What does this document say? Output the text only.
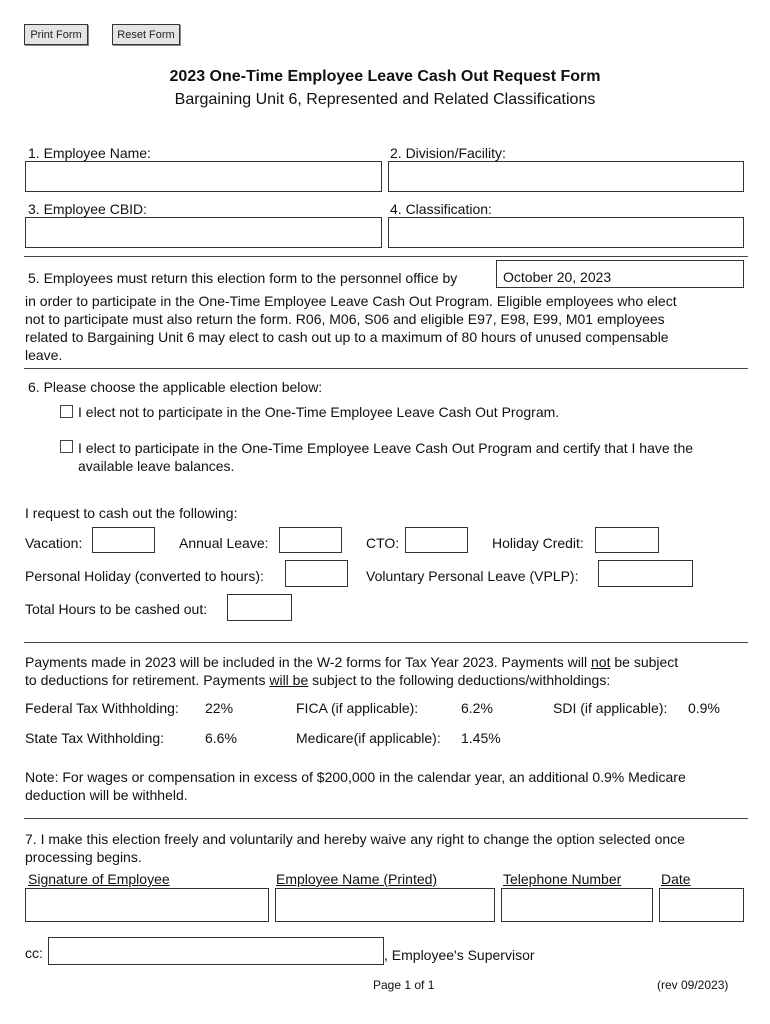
Print Form	Reset Form
2023 One-Time Employee Leave Cash Out Request Form
Bargaining Unit 6, Represented and Related Classifications
1. Employee Name:	2. Division/Facility:
3. Employee CBID:	4. Classification:
5. Employees must return this election form to the personnel office by	October 20, 2023
in order to participate in the One-Time Employee Leave Cash Out Program. Eligible employees who elect
not to participate must also return the form. R06, M06, S06 and eligible E97, E98, E99, M01 employees
related to Bargaining Unit 6 may elect to cash out up to a maximum of 80 hours of unused compensable
leave.
6. Please choose the applicable election below:
I elect not to participate in the One-Time Employee Leave Cash Out Program.
I elect to participate in the One-Time Employee Leave Cash Out Program and certify that I have the
available leave balances.
I request to cash out the following:
Vacation:	Annual Leave:	CTO:	Holiday Credit:
Personal Holiday (converted to hours):	Voluntary Personal Leave (VPLP):
Total Hours to be cashed out:
Payments made in 2023 will be included in the W-2 forms for Tax Year 2023. Payments will not be subject
to deductions for retirement. Payments will be subject to the following deductions/withholdings:
Federal Tax Withholding: 22%	FICA (if applicable):	6.2%	SDI (if applicable): 0.9%
State Tax Withholding:	6.6%	Medicare(if applicable): 1.45%
Note: For wages or compensation in excess of $200,000 in the calendar year, an additional 0.9% Medicare
deduction will be withheld.
7. I make this election freely and voluntarily and hereby waive any right to change the option selected once
processing begins.
Signature of Employee	Employee Name (Printed)	Telephone Number	Date
cc:	, Employee's Supervisor
Page 1 of 1	(rev 09/2023)
